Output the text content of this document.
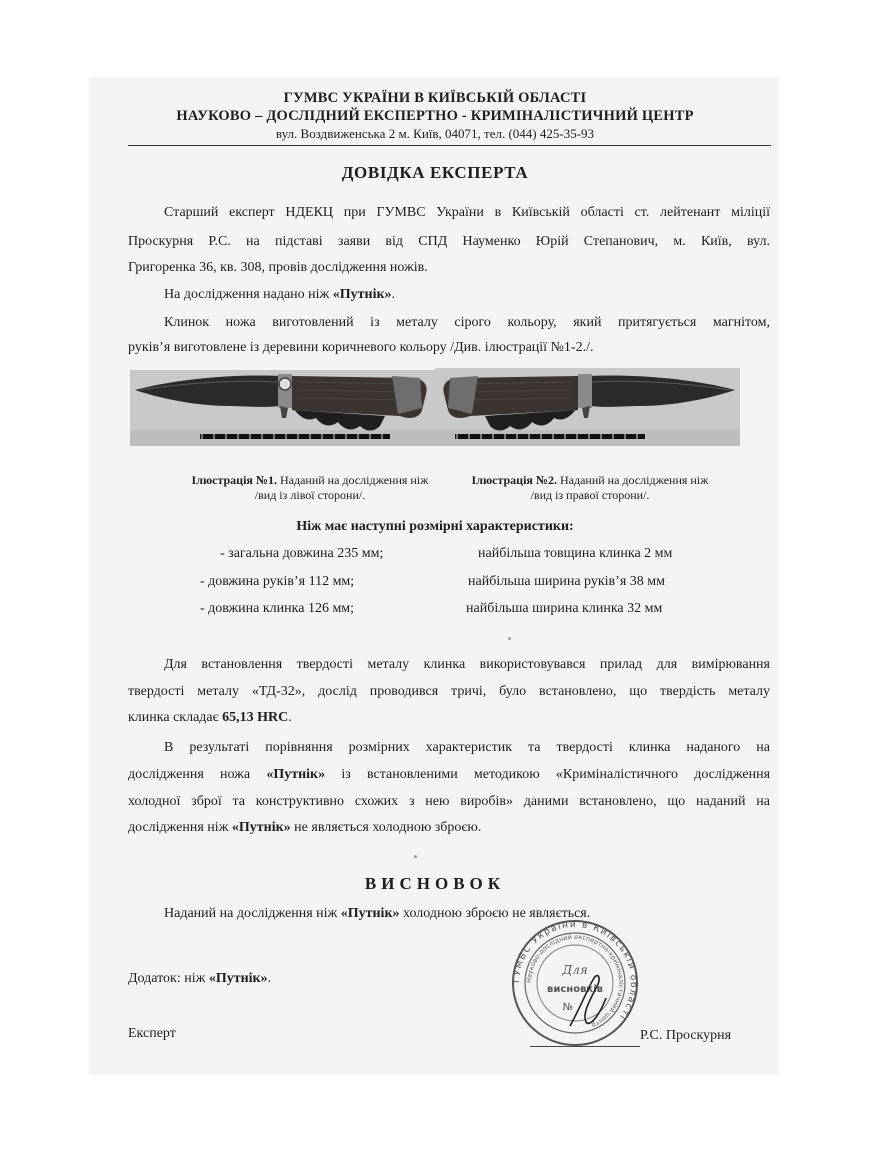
ГУМВС УКРАЇНИ В КИЇВСЬКІЙ ОБЛАСТІ
НАУКОВО – ДОСЛІДНИЙ ЕКСПЕРТНО - КРИМІНАЛІСТИЧНИЙ ЦЕНТР
вул. Воздвиженська 2 м. Київ, 04071, тел. (044) 425-35-93
ДОВІДКА ЕКСПЕРТА
Старший експерт НДЕКЦ при ГУМВС України в Київській області ст. лейтенант міліції
Проскурня Р.С. на підставі заяви від СПД Науменко Юрій Степанович, м. Київ, вул.
Григоренка 36, кв. 308, провів дослідження ножів.
На дослідження надано ніж «Путнік».
Клинок ножа виготовлений із металу сірого кольору, який притягується магнітом,
руків’я виготовлене із деревини коричневого кольору /Див. ілюстрації №1-2./.
Ілюстрація №1. Наданий на дослідження ніж
/вид із лівої сторони/.
Ілюстрація №2. Наданий на дослідження ніж
/вид із правої сторони/.
Ніж має наступні розмірні характеристики:
- загальна довжина 235 мм;
- довжина руків’я 112 мм;
- довжина клинка 126 мм;
найбільша товщина клинка 2 мм
найбільша ширина руків’я 38 мм
найбільша ширина клинка 32 мм
Для встановлення твердості металу клинка використовувався прилад для вимірювання
твердості металу «ТД-32», дослід проводився тричі, було встановлено, що твердість металу
клинка складає 65,13 HRC.
В результаті порівняння розмірних характеристик та твердості клинка наданого на
дослідження ножа «Путнік» із встановленими методикою «Криміналістичного дослідження
холодної зброї та конструктивно схожих з нею виробів» даними встановлено, що наданий на
дослідження ніж «Путнік» не являється холодною зброєю.
ВИСНОВОК
Наданий на дослідження ніж «Путнік» холодною зброєю не являється.
Додаток: ніж «Путнік».
Експерт	Р.С. Проскурня
ГУМВС України в Київській області
Науково-дослідний експертно-криміналістичний центр
Для
висновків
№
